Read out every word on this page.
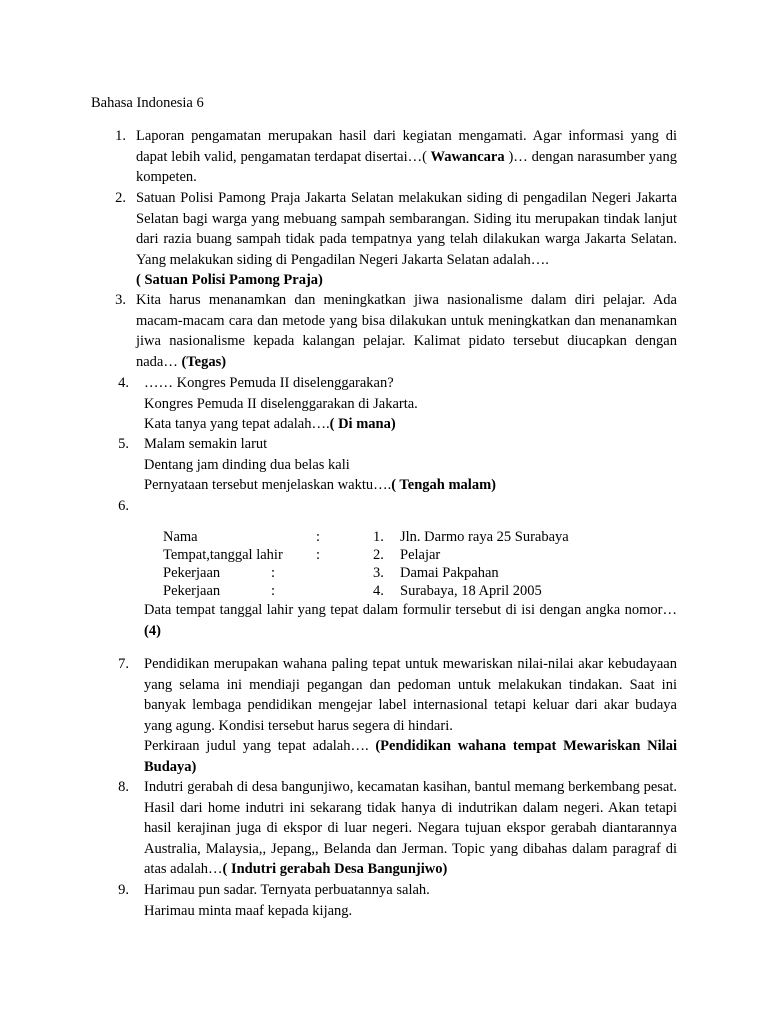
Bahasa Indonesia 6
1. Laporan pengamatan merupakan hasil dari kegiatan mengamati. Agar informasi yang di dapat lebih valid, pengamatan terdapat disertai…( Wawancara )… dengan narasumber yang kompeten.

2. Satuan Polisi Pamong Praja Jakarta Selatan melakukan siding di pengadilan Negeri Jakarta Selatan bagi warga yang mebuang sampah sembarangan. Siding itu merupakan tindak lanjut dari razia buang sampah tidak pada tempatnya yang telah dilakukan warga Jakarta Selatan. Yang melakukan siding di Pengadilan Negeri Jakarta Selatan adalah….

( Satuan Polisi Pamong Praja)

3. Kita harus menanamkan dan meningkatkan jiwa nasionalisme dalam diri pelajar. Ada macam-macam cara dan metode yang bisa dilakukan untuk meningkatkan dan menanamkan jiwa nasionalisme kepada kalangan pelajar. Kalimat pidato tersebut diucapkan dengan nada… (Tegas)

4. …… Kongres Pemuda II diselenggarakan?

Kongres Pemuda II diselenggarakan di Jakarta.

Kata tanya yang tepat adalah….( Di mana)

5. Malam semakin larut

Dentang jam dinding dua belas kali

Pernyataan tersebut menjelaskan waktu….( Tengah malam)

6.
Nama	:	1. Jln. Darmo raya 25 Surabaya
Tempat,tanggal lahir :	2. Pelajar
Pekerjaan	:	3. Damai Pakpahan
Pekerjaan	:	4. Surabaya, 18 April 2005

Data tempat tanggal lahir yang tepat dalam formulir tersebut di isi dengan angka nomor…(4)

7. Pendidikan merupakan wahana paling tepat untuk mewariskan nilai-nilai akar kebudayaan yang selama ini mendiaji pegangan dan pedoman untuk melakukan tindakan. Saat ini banyak lembaga pendidikan mengejar label internasional tetapi keluar dari akar budaya yang agung. Kondisi tersebut harus segera di hindari.

Perkiraan judul yang tepat adalah…. (Pendidikan wahana tempat Mewariskan Nilai Budaya)

8. Indutri gerabah di desa bangunjiwo, kecamatan kasihan, bantul memang berkembang pesat. Hasil dari home indutri ini sekarang tidak hanya di indutrikan dalam negeri. Akan tetapi hasil kerajinan juga di ekspor di luar negeri. Negara tujuan ekspor gerabah diantarannya Australia, Malaysia,, Jepang,, Belanda dan Jerman. Topic yang dibahas dalam paragraf di atas adalah…( Indutri gerabah Desa Bangunjiwo)

9. Harimau pun sadar. Ternyata perbuatannya salah.

Harimau minta maaf kepada kijang.
